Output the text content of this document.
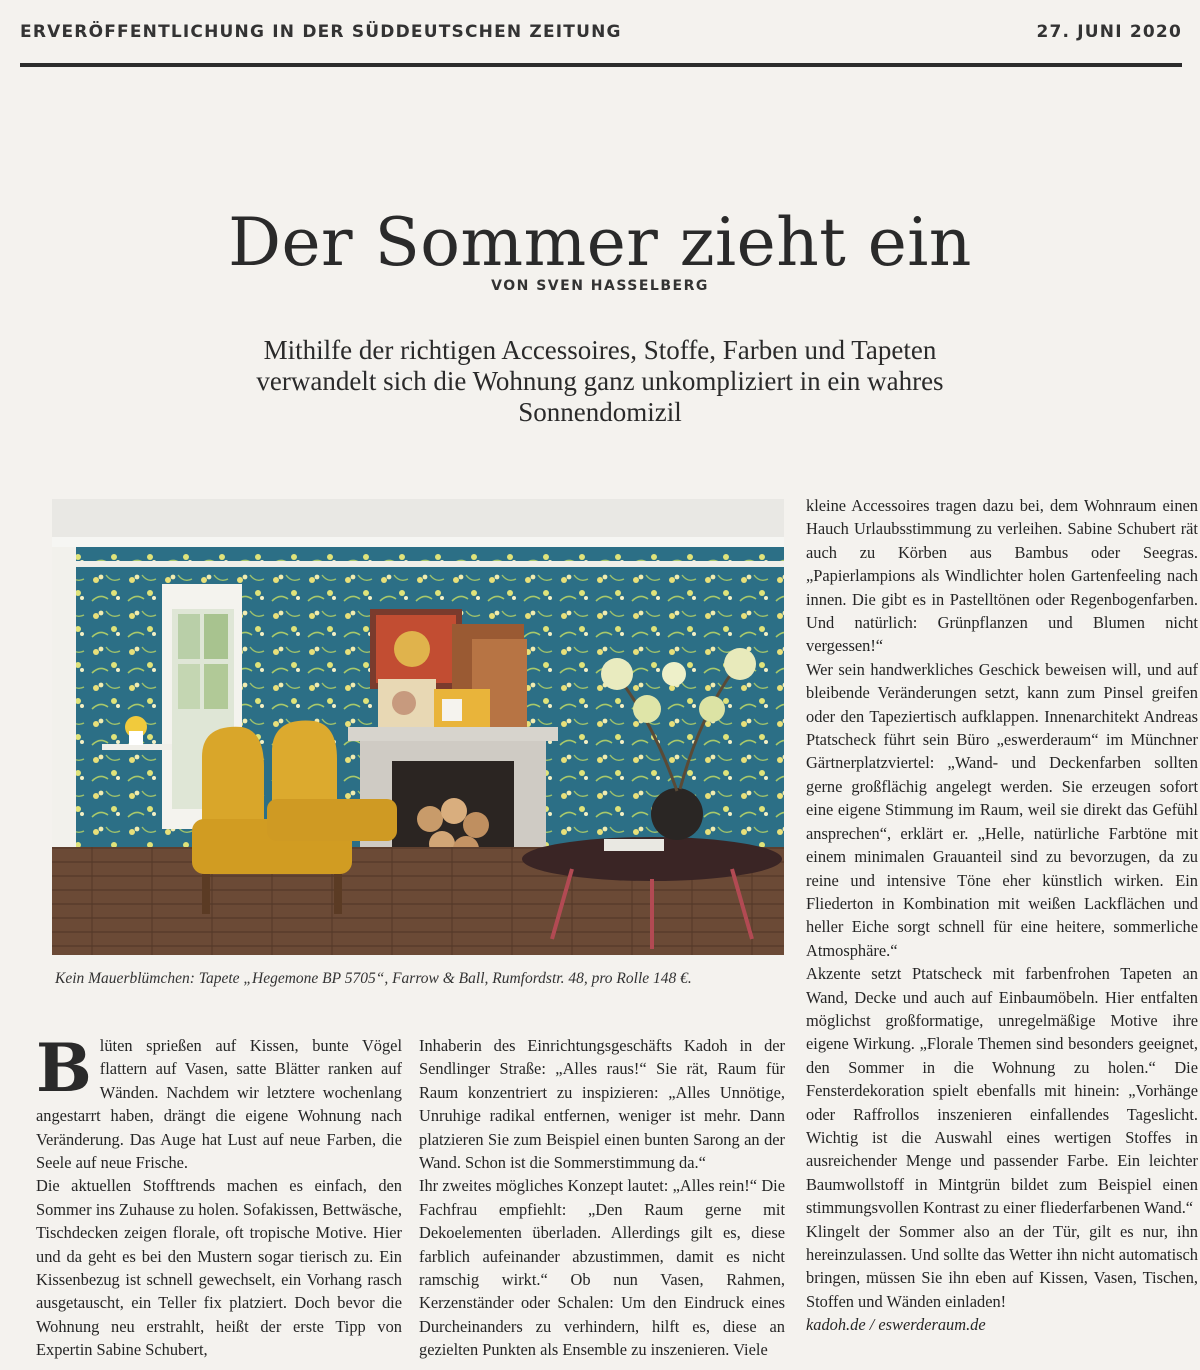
ERVERÖFFENTLICHUNG IN DER SÜDDEUTSCHEN ZEITUNG	27. JUNI 2020
Der Sommer zieht ein
VON SVEN HASSELBERG
Mithilfe der richtigen Accessoires, Stoffe, Farben und Tapeten verwandelt sich die Wohnung ganz unkompliziert in ein wahres Sonnendomizil
Kein Mauerblümchen: Tapete „Hegemone BP 5705“, Farrow & Ball, Rumfordstr. 48, pro Rolle 148 €.

Blüten sprießen auf Kissen, bunte Vögel flattern auf Vasen, satte Blätter ranken auf Wänden. Nachdem wir letztere wochenlang angestarrt haben, drängt die eigene Wohnung nach Veränderung. Das Auge hat Lust auf neue Farben, die Seele auf neue Frische.

Die aktuellen Stofftrends machen es einfach, den Sommer ins Zuhause zu holen. Sofakissen, Bettwäsche, Tischdecken zeigen florale, oft tropische Motive. Hier und da geht es bei den Mustern sogar tierisch zu. Ein Kissenbezug ist schnell gewechselt, ein Vorhang rasch ausgetauscht, ein Teller fix platziert. Doch bevor die Wohnung neu erstrahlt, heißt der erste Tipp von Expertin Sabine Schubert,

Inhaberin des Einrichtungsgeschäfts Kadoh in der Sendlinger Straße: „Alles raus!“ Sie rät, Raum für Raum konzentriert zu inspizieren: „Alles Unnötige, Unruhige radikal entfernen, weniger ist mehr. Dann platzieren Sie zum Beispiel einen bunten Sarong an der Wand. Schon ist die Sommerstimmung da.“

Ihr zweites mögliches Konzept lautet: „Alles rein!“ Die Fachfrau empfiehlt: „Den Raum gerne mit Dekoelementen überladen. Allerdings gilt es, diese farblich aufeinander abzustimmen, damit es nicht ramschig wirkt.“ Ob nun Vasen, Rahmen, Kerzenständer oder Schalen: Um den Eindruck eines Durcheinanders zu verhindern, hilft es, diese an gezielten Punkten als Ensemble zu inszenieren. Viele

kleine Accessoires tragen dazu bei, dem Wohnraum einen Hauch Urlaubsstimmung zu verleihen. Sabine Schubert rät auch zu Körben aus Bambus oder Seegras. „Papierlampions als Windlichter holen Gartenfeeling nach innen. Die gibt es in Pastelltönen oder Regenbogenfarben. Und natürlich: Grünpflanzen und Blumen nicht vergessen!“

Wer sein handwerkliches Geschick beweisen will, und auf bleibende Veränderungen setzt, kann zum Pinsel greifen oder den Tapeziertisch aufklappen. Innenarchitekt Andreas Ptatscheck führt sein Büro „eswerderaum“ im Münchner Gärtnerplatzviertel: „Wand- und Deckenfarben sollten gerne großflächig angelegt werden. Sie erzeugen sofort eine eigene Stimmung im Raum, weil sie direkt das Gefühl ansprechen“, erklärt er. „Helle, natürliche Farbtöne mit einem minimalen Grauanteil sind zu bevorzugen, da zu reine und intensive Töne eher künstlich wirken. Ein Fliederton in Kombination mit weißen Lackflächen und heller Eiche sorgt schnell für eine heitere, sommerliche Atmosphäre.“

Akzente setzt Ptatscheck mit farbenfrohen Tapeten an Wand, Decke und auch auf Einbaumöbeln. Hier entfalten möglichst großformatige, unregelmäßige Motive ihre eigene Wirkung. „Florale Themen sind besonders geeignet, den Sommer in die Wohnung zu holen.“ Die Fensterdekoration spielt ebenfalls mit hinein: „Vorhänge oder Raffrollos inszenieren einfallendes Tageslicht. Wichtig ist die Auswahl eines wertigen Stoffes in ausreichender Menge und passender Farbe. Ein leichter Baumwollstoff in Mintgrün bildet zum Beispiel einen stimmungsvollen Kontrast zu einer fliederfarbenen Wand.“

Klingelt der Sommer also an der Tür, gilt es nur, ihn hereinzulassen. Und sollte das Wetter ihn nicht automatisch bringen, müssen Sie ihn eben auf Kissen, Vasen, Tischen, Stoffen und Wänden einladen!

kadoh.de / eswerderaum.de
